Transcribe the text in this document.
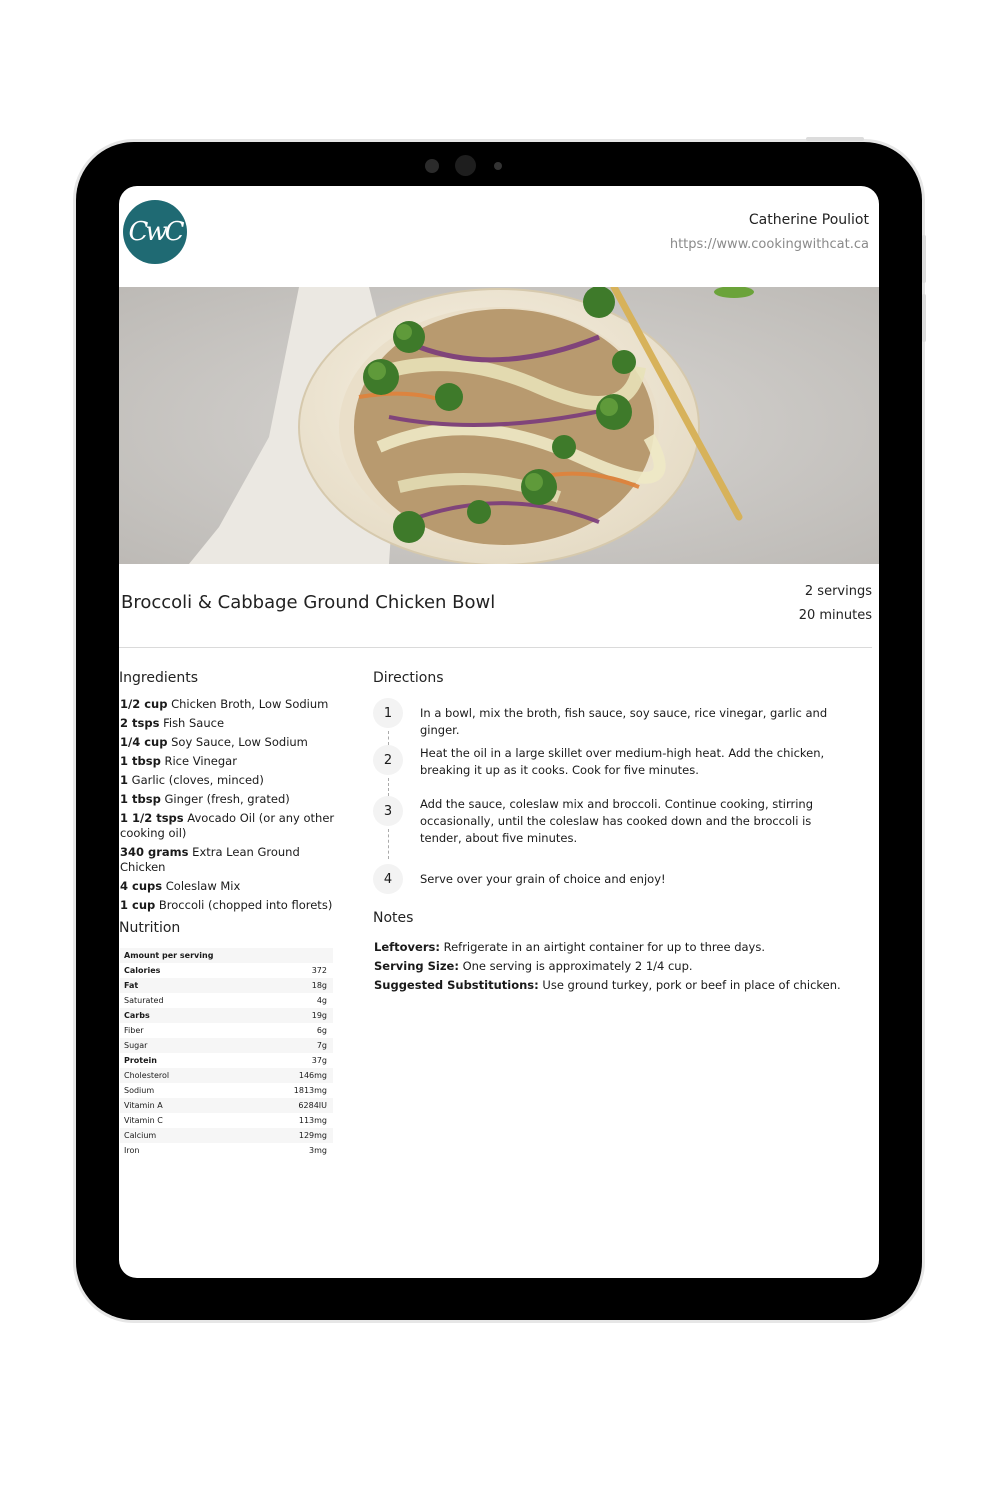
CwC	Catherine Pouliot
https://www.cookingwithcat.ca
Broccoli & Cabbage Ground Chicken Bowl
2 servings
20 minutes
Ingredients
1/2 cup Chicken Broth, Low Sodium
2 tsps Fish Sauce
1/4 cup Soy Sauce, Low Sodium
1 tbsp Rice Vinegar
1 Garlic (cloves, minced)
1 tbsp Ginger (fresh, grated)
1 1/2 tsps Avocado Oil (or any other cooking oil)
340 grams Extra Lean Ground Chicken
4 cups Coleslaw Mix
1 cup Broccoli (chopped into florets)
Nutrition
Amount per serving
Calories	372
Fat	18g
Saturated	4g
Carbs	19g
Fiber	6g
Sugar	7g
Protein	37g
Cholesterol	146mg
Sodium	1813mg
Vitamin A	6284IU
Vitamin C	113mg
Calcium	129mg
Iron	3mg
Directions
1	In a bowl, mix the broth, fish sauce, soy sauce, rice vinegar, garlic and ginger.
2	Heat the oil in a large skillet over medium-high heat. Add the chicken, breaking it up as it cooks. Cook for five minutes.
3	Add the sauce, coleslaw mix and broccoli. Continue cooking, stirring occasionally, until the coleslaw has cooked down and the broccoli is tender, about five minutes.
4	Serve over your grain of choice and enjoy!
Notes
Leftovers: Refrigerate in an airtight container for up to three days.
Serving Size: One serving is approximately 2 1/4 cup.
Suggested Substitutions: Use ground turkey, pork or beef in place of chicken.
